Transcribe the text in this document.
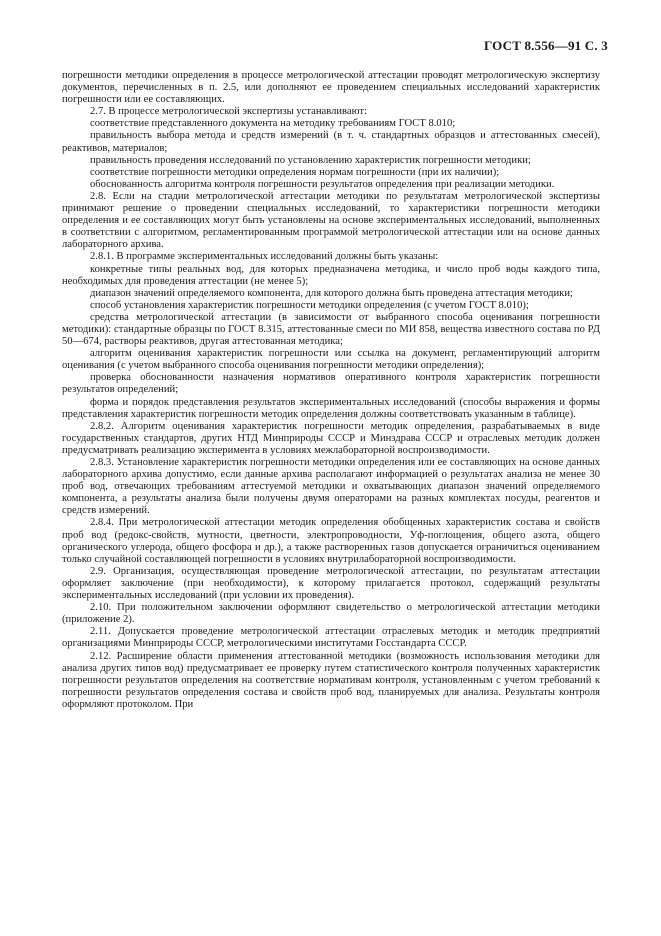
ГОСТ 8.556—91 С. 3

погрешности методики определения в процессе метрологической аттестации проводят метрологическую экспертизу документов, перечисленных в п. 2.5, или дополняют ее проведением специальных исследований характеристик погрешности или ее составляющих.

2.7. В процессе метрологической экспертизы устанавливают:

соответствие представленного документа на методику требованиям ГОСТ 8.010;

правильность выбора метода и средств измерений (в т. ч. стандартных образцов и аттестованных смесей), реактивов, материалов;

правильность проведения исследований по установлению характеристик погрешности методики;

соответствие погрешности методики определения нормам погрешности (при их наличии);

обоснованность алгоритма контроля погрешности результатов определения при реализации методики.

2.8. Если на стадии метрологической аттестации методики по результатам метрологической экспертизы принимают решение о проведении специальных исследований, то характеристики погрешности методики определения и ее составляющих могут быть установлены на основе экспериментальных исследований, выполненных в соответствии с алгоритмом, регламентированным программой метрологической аттестации или на основе данных лабораторного архива.

2.8.1. В программе экспериментальных исследований должны быть указаны:

конкретные типы реальных вод, для которых предназначена методика, и число проб воды каждого типа, необходимых для проведения аттестации (не менее 5);

диапазон значений определяемого компонента, для которого должна быть проведена аттестация методики;

способ установления характеристик погрешности методики определения (с учетом ГОСТ 8.010);

средства метрологической аттестации (в зависимости от выбранного способа оценивания погрешности методики): стандартные образцы по ГОСТ 8.315, аттестованные смеси по МИ 858, вещества известного состава по РД 50—674, растворы реактивов, другая аттестованная методика;

алгоритм оценивания характеристик погрешности или ссылка на документ, регламентирующий алгоритм оценивания (с учетом выбранного способа оценивания погрешности методики определения);

проверка обоснованности назначения нормативов оперативного контроля характеристик погрешности результатов определений;

форма и порядок представления результатов экспериментальных исследований (способы выражения и формы представления характеристик погрешности методик определения должны соответствовать указанным в таблице).

2.8.2. Алгоритм оценивания характеристик погрешности методик определения, разрабатываемых в виде государственных стандартов, других НТД Минприроды СССР и Минздрава СССР и отраслевых методик должен предусматривать реализацию эксперимента в условиях межлабораторной воспроизводимости.

2.8.3. Установление характеристик погрешности методики определения или ее составляющих на основе данных лабораторного архива допустимо, если данные архива располагают информацией о результатах анализа не менее 30 проб вод, отвечающих требованиям аттестуемой методики и охватывающих диапазон значений определяемого компонента, а результаты анализа были получены двумя операторами на разных комплектах посуды, реагентов и средств измерений.

2.8.4. При метрологической аттестации методик определения обобщенных характеристик состава и свойств проб вод (редокс-свойств, мутности, цветности, электропроводности, Уф-поглощения, общего азота, общего органического углерода, общего фосфора и др.), а также растворенных газов допускается ограничиться оцениванием только случайной составляющей погрешности в условиях внутрилабораторной воспроизводимости.

2.9. Организация, осуществляющая проведение метрологической аттестации, по результатам аттестации оформляет заключение (при необходимости), к которому прилагается протокол, содержащий результаты экспериментальных исследований (при условии их проведения).

2.10. При положительном заключении оформляют свидетельство о метрологической аттестации методики (приложение 2).

2.11. Допускается проведение метрологической аттестации отраслевых методик и методик предприятий организациями Минприроды СССР, метрологическими институтами Госстандарта СССР.

2.12. Расширение области применения аттестованной методики (возможность использования методики для анализа других типов вод) предусматривает ее проверку путем статистического контроля полученных характеристик погрешности результатов определения на соответствие нормативам контроля, установленным с учетом требований к погрешности результатов определения состава и свойств проб вод, планируемых для анализа. Результаты контроля оформляют протоколом. При
